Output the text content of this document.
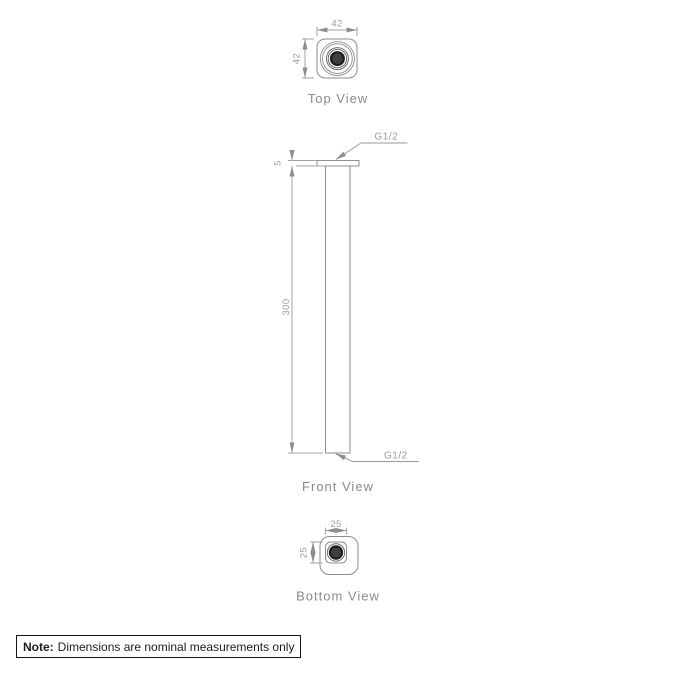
42
42
Top View
5
300
G1/2
G1/2
Front View
25
25
Bottom View
Note: Dimensions are nominal measurements only
